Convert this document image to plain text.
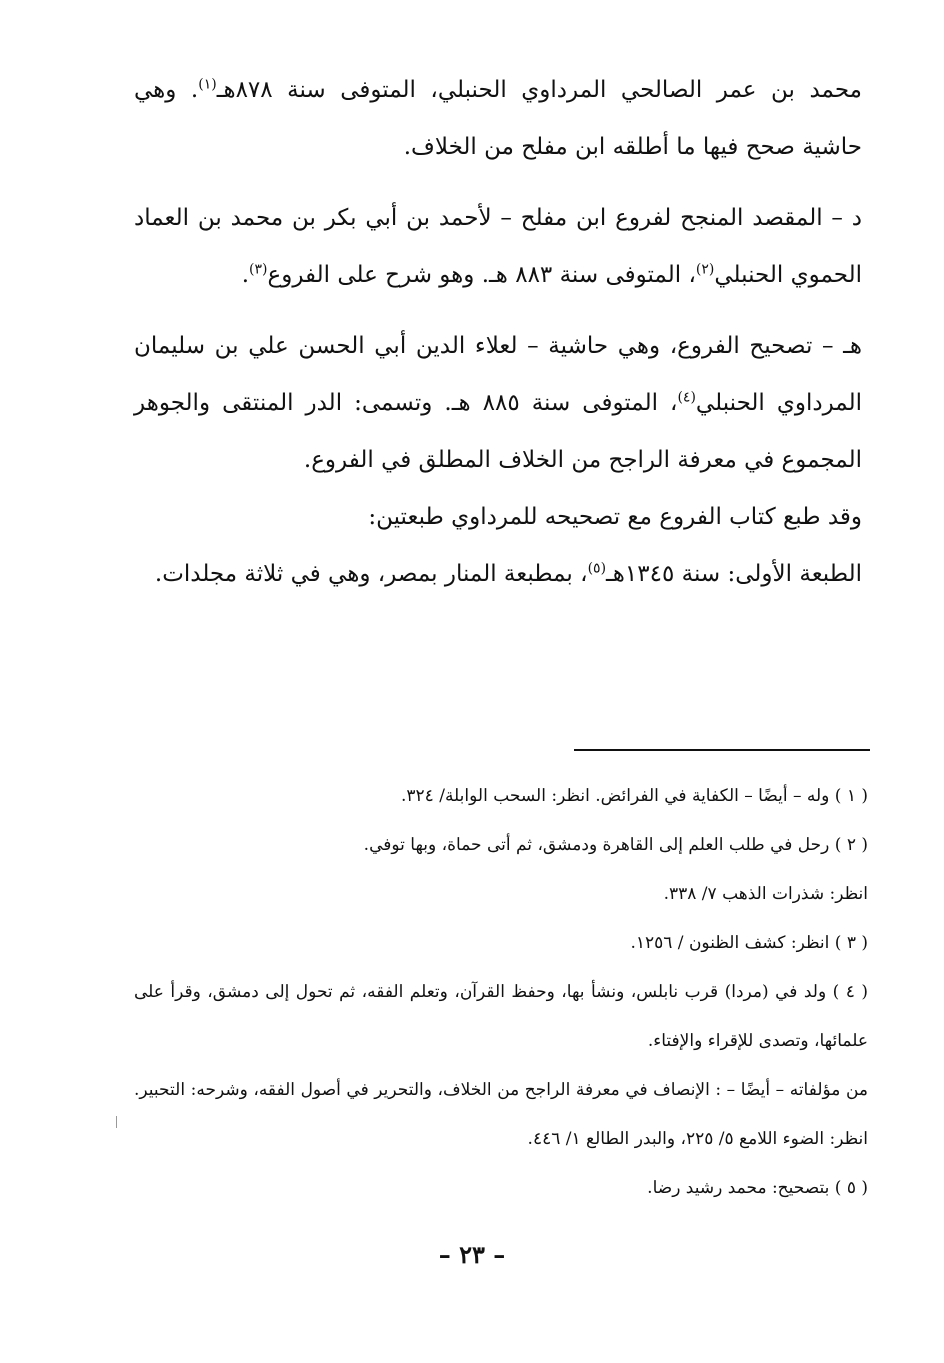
محمد بن عمر الصالحي المرداوي الحنبلي، المتوفى سنة ٨٧٨هـ$^{(١)}$. وهي حاشية صحح فيها ما أطلقه ابن مفلح من الخلاف.

د – المقصد المنجح لفروع ابن مفلح – لأحمد بن أبي بكر بن محمد بن العماد الحموي الحنبلي$^{(٢)}$، المتوفى سنة ٨٨٣ هـ. وهو شرح على الفروع$^{(٣)}$.

هـ – تصحيح الفروع، وهي حاشية – لعلاء الدين أبي الحسن علي بن سليمان المرداوي الحنبلي$^{(٤)}$، المتوفى سنة ٨٨٥ هـ. وتسمى: الدر المنتقى والجوهر المجموع في معرفة الراجح من الخلاف المطلق في الفروع.

وقد طبع كتاب الفروع مع تصحيحه للمرداوي طبعتين:

الطبعة الأولى: سنة ١٣٤٥هـ$^{(٥)}$، بمطبعة المنار بمصر، وهي في ثلاثة مجلدات.

( ١ ) وله – أيضًا – الكفاية في الفرائض. انظر: السحب الوابلة/ ٣٢٤.

( ٢ ) رحل في طلب العلم إلى القاهرة ودمشق، ثم أتى حماة، وبها توفي.

انظر: شذرات الذهب ٧/ ٣٣٨.

( ٣ ) انظر: كشف الظنون / ١٢٥٦.

( ٤ ) ولد في (مردا) قرب نابلس، ونشأ بها، وحفظ القرآن، وتعلم الفقه، ثم تحول إلى دمشق، وقرأ على علمائها، وتصدى للإقراء والإفتاء.

من مؤلفاته – أيضًا – : الإنصاف في معرفة الراجح من الخلاف، والتحرير في أصول الفقه، وشرحه: التحبير. انظر: الضوء اللامع ٥/ ٢٢٥، والبدر الطالع ١/ ٤٤٦.

( ٥ ) بتصحيح: محمد رشيد رضا.

– ٢٣ –
